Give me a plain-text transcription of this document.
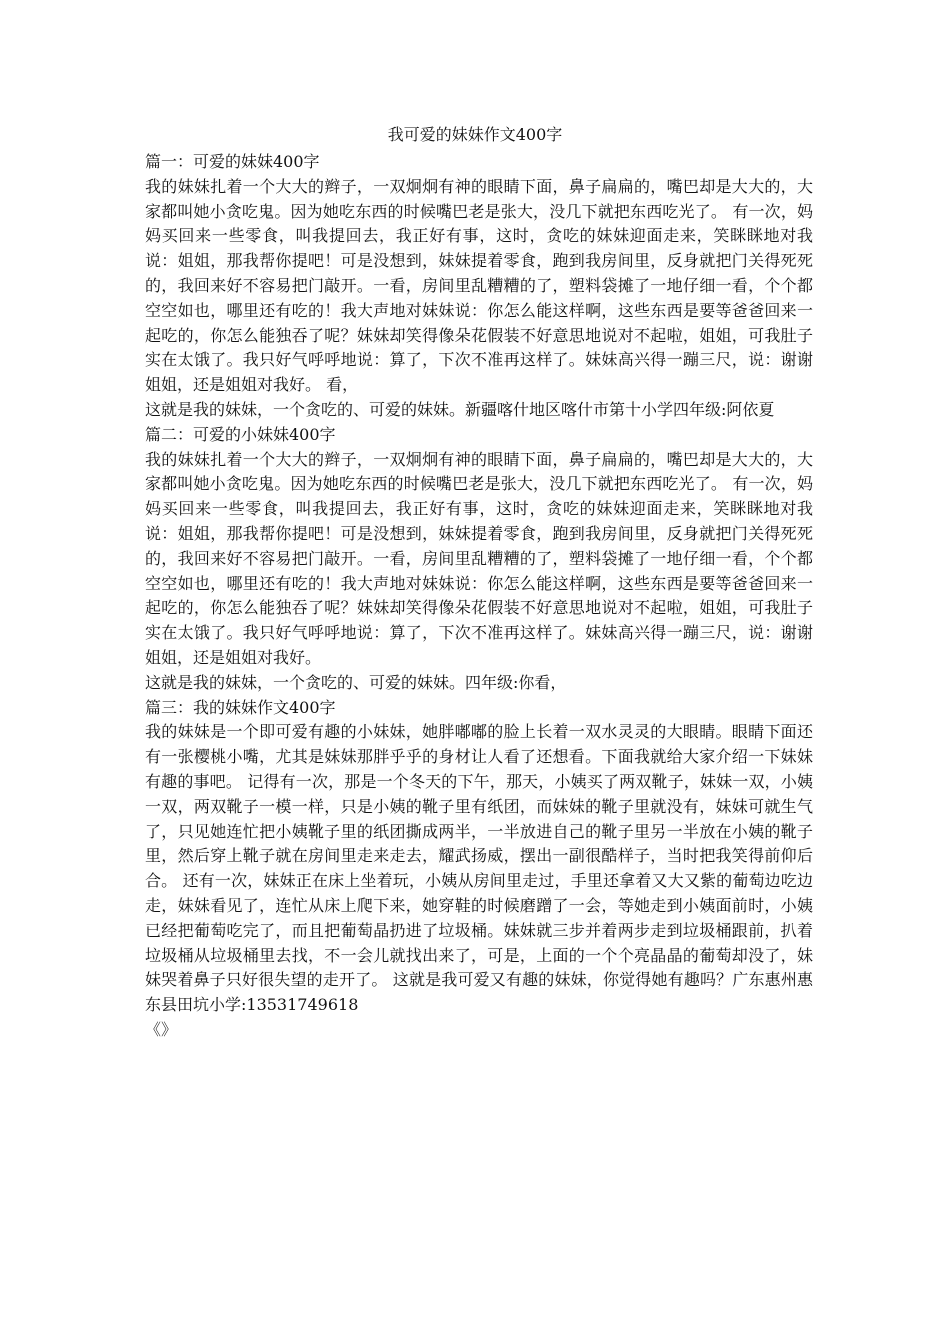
我可爱的妹妹作文400字

篇一：可爱的妹妹400字

我的妹妹扎着一个大大的辫子，一双炯炯有神的眼睛下面，鼻子扁扁的，嘴巴却是大大的，大家都叫她小贪吃鬼。因为她吃东西的时候嘴巴老是张大，没几下就把东西吃光了。 有一次，妈妈买回来一些零食，叫我提回去，我正好有事，这时，贪吃的妹妹迎面走来，笑眯眯地对我说：姐姐，那我帮你提吧！可是没想到，妹妹提着零食，跑到我房间里，反身就把门关得死死的，我回来好不容易把门敲开。一看，房间里乱糟糟的了，塑料袋摊了一地仔细一看，个个都空空如也，哪里还有吃的！我大声地对妹妹说：你怎么能这样啊，这些东西是要等爸爸回来一起吃的，你怎么能独吞了呢？妹妹却笑得像朵花假装不好意思地说对不起啦，姐姐，可我肚子实在太饿了。我只好气呼呼地说：算了，下次不准再这样了。妹妹高兴得一蹦三尺，说：谢谢姐姐，还是姐姐对我好。 看，

这就是我的妹妹，一个贪吃的、可爱的妹妹。新疆喀什地区喀什市第十小学四年级:阿依夏

篇二：可爱的小妹妹400字

我的妹妹扎着一个大大的辫子，一双炯炯有神的眼睛下面，鼻子扁扁的，嘴巴却是大大的，大家都叫她小贪吃鬼。因为她吃东西的时候嘴巴老是张大，没几下就把东西吃光了。 有一次，妈妈买回来一些零食，叫我提回去，我正好有事，这时，贪吃的妹妹迎面走来，笑眯眯地对我说：姐姐，那我帮你提吧！可是没想到，妹妹提着零食，跑到我房间里，反身就把门关得死死的，我回来好不容易把门敲开。一看，房间里乱糟糟的了，塑料袋摊了一地仔细一看，个个都空空如也，哪里还有吃的！我大声地对妹妹说：你怎么能这样啊，这些东西是要等爸爸回来一起吃的，你怎么能独吞了呢？妹妹却笑得像朵花假装不好意思地说对不起啦，姐姐，可我肚子实在太饿了。我只好气呼呼地说：算了，下次不准再这样了。妹妹高兴得一蹦三尺，说：谢谢姐姐，还是姐姐对我好。

这就是我的妹妹，一个贪吃的、可爱的妹妹。四年级:你看，

篇三：我的妹妹作文400字

我的妹妹是一个即可爱有趣的小妹妹，她胖嘟嘟的脸上长着一双水灵灵的大眼睛。眼睛下面还有一张樱桃小嘴，尤其是妹妹那胖乎乎的身材让人看了还想看。下面我就给大家介绍一下妹妹有趣的事吧。 记得有一次，那是一个冬天的下午，那天，小姨买了两双靴子，妹妹一双，小姨一双，两双靴子一模一样，只是小姨的靴子里有纸团，而妹妹的靴子里就没有，妹妹可就生气了，只见她连忙把小姨靴子里的纸团撕成两半，一半放进自己的靴子里另一半放在小姨的靴子里，然后穿上靴子就在房间里走来走去，耀武扬威，摆出一副很酷样子，当时把我笑得前仰后合。 还有一次，妹妹正在床上坐着玩，小姨从房间里走过，手里还拿着又大又紫的葡萄边吃边走，妹妹看见了，连忙从床上爬下来，她穿鞋的时候磨蹭了一会，等她走到小姨面前时，小姨已经把葡萄吃完了，而且把葡萄晶扔进了垃圾桶。妹妹就三步并着两步走到垃圾桶跟前，扒着垃圾桶从垃圾桶里去找，不一会儿就找出来了，可是，上面的一个个亮晶晶的葡萄却没了，妹妹哭着鼻子只好很失望的走开了。 这就是我可爱又有趣的妹妹，你觉得她有趣吗？广东惠州惠东县田坑小学:13531749618

《》
